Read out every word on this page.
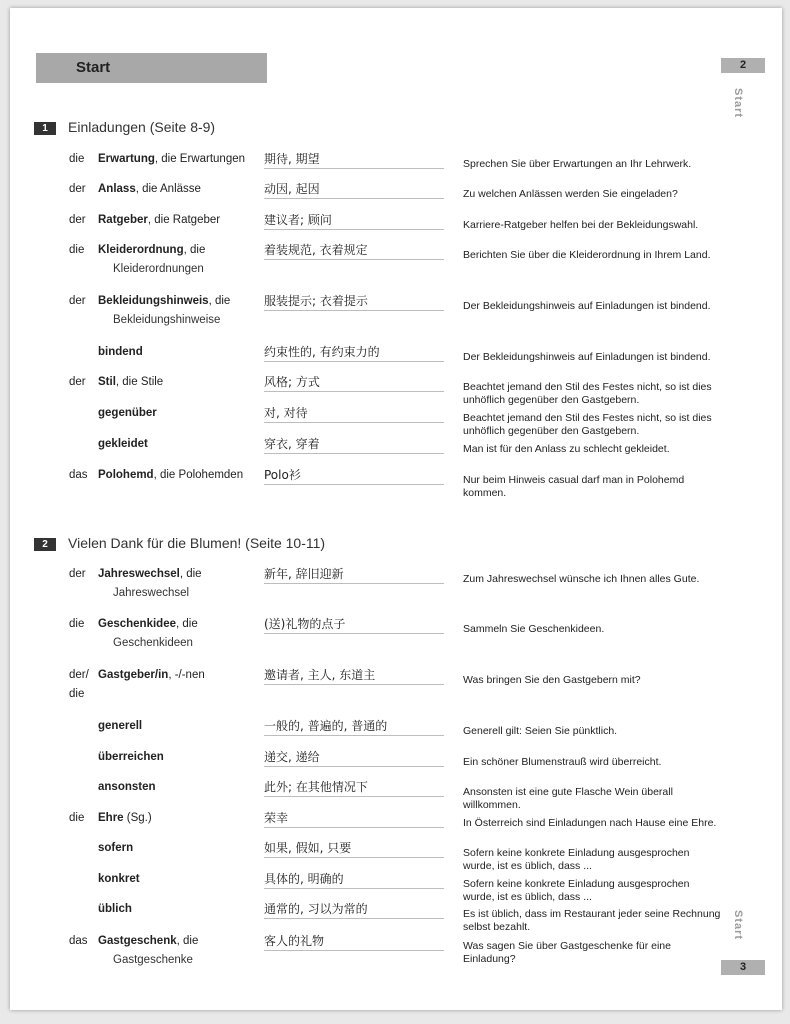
Start	2
Start
1 Einladungen (Seite 8-9)
die Erwartung, die Erwartungen	期待, 期望	Sprechen Sie über Erwartungen an Ihr Lehrwerk.
der Anlass, die Anlässe	动因, 起因	Zu welchen Anlässen werden Sie eingeladen?
der Ratgeber, die Ratgeber	建议者; 顾问	Karriere-Ratgeber helfen bei der Bekleidungswahl.
die Kleiderordnung, die
Kleiderordnungen
着装规范, 衣着规定	Berichten Sie über die Kleiderordnung in Ihrem Land.
der Bekleidungshinweis, die
Bekleidungshinweise
服装提示; 衣着提示	Der Bekleidungshinweis auf Einladungen ist bindend.
bindend	约束性的, 有约束力的	Der Bekleidungshinweis auf Einladungen ist bindend.
der Stil, die Stile	风格; 方式	Beachtet jemand den Stil des Festes nicht, so ist dies unhöflich gegenüber den Gastgebern.
gegenüber	对, 对待	Beachtet jemand den Stil des Festes nicht, so ist dies unhöflich gegenüber den Gastgebern.
gekleidet	穿衣, 穿着	Man ist für den Anlass zu schlecht gekleidet.
das Polohemd, die Polohemden	Polo衫	Nur beim Hinweis casual darf man in Polohemd kommen.
2 Vielen Dank für die Blumen! (Seite 10-11)
der Jahreswechsel, die
Jahreswechsel
新年, 辞旧迎新	Zum Jahreswechsel wünsche ich Ihnen alles Gute.
die Geschenkidee, die
Geschenkideen
(送)礼物的点子	Sammeln Sie Geschenkideen.
der/ die
Gastgeber/in, -/-nen	邀请者, 主人, 东道主	Was bringen Sie den Gastgebern mit?
generell	一般的, 普遍的, 普通的	Generell gilt: Seien Sie pünktlich.
überreichen	递交, 递给	Ein schöner Blumenstrauß wird überreicht.
ansonsten	此外; 在其他情况下	Ansonsten ist eine gute Flasche Wein überall willkommen.
die Ehre (Sg.)	荣幸	In Österreich sind Einladungen nach Hause eine Ehre.
sofern	如果, 假如, 只要	Sofern keine konkrete Einladung ausgesprochen wurde, ist es üblich, dass ...
konkret	具体的, 明确的	Sofern keine konkrete Einladung ausgesprochen wurde, ist es üblich, dass ...
üblich	通常的, 习以为常的	Es ist üblich, dass im Restaurant jeder seine Rechnung selbst bezahlt.
das Gastgeschenk, die
Gastgeschenke
客人的礼物	Was sagen Sie über Gastgeschenke für eine Einladung?
Start
3
